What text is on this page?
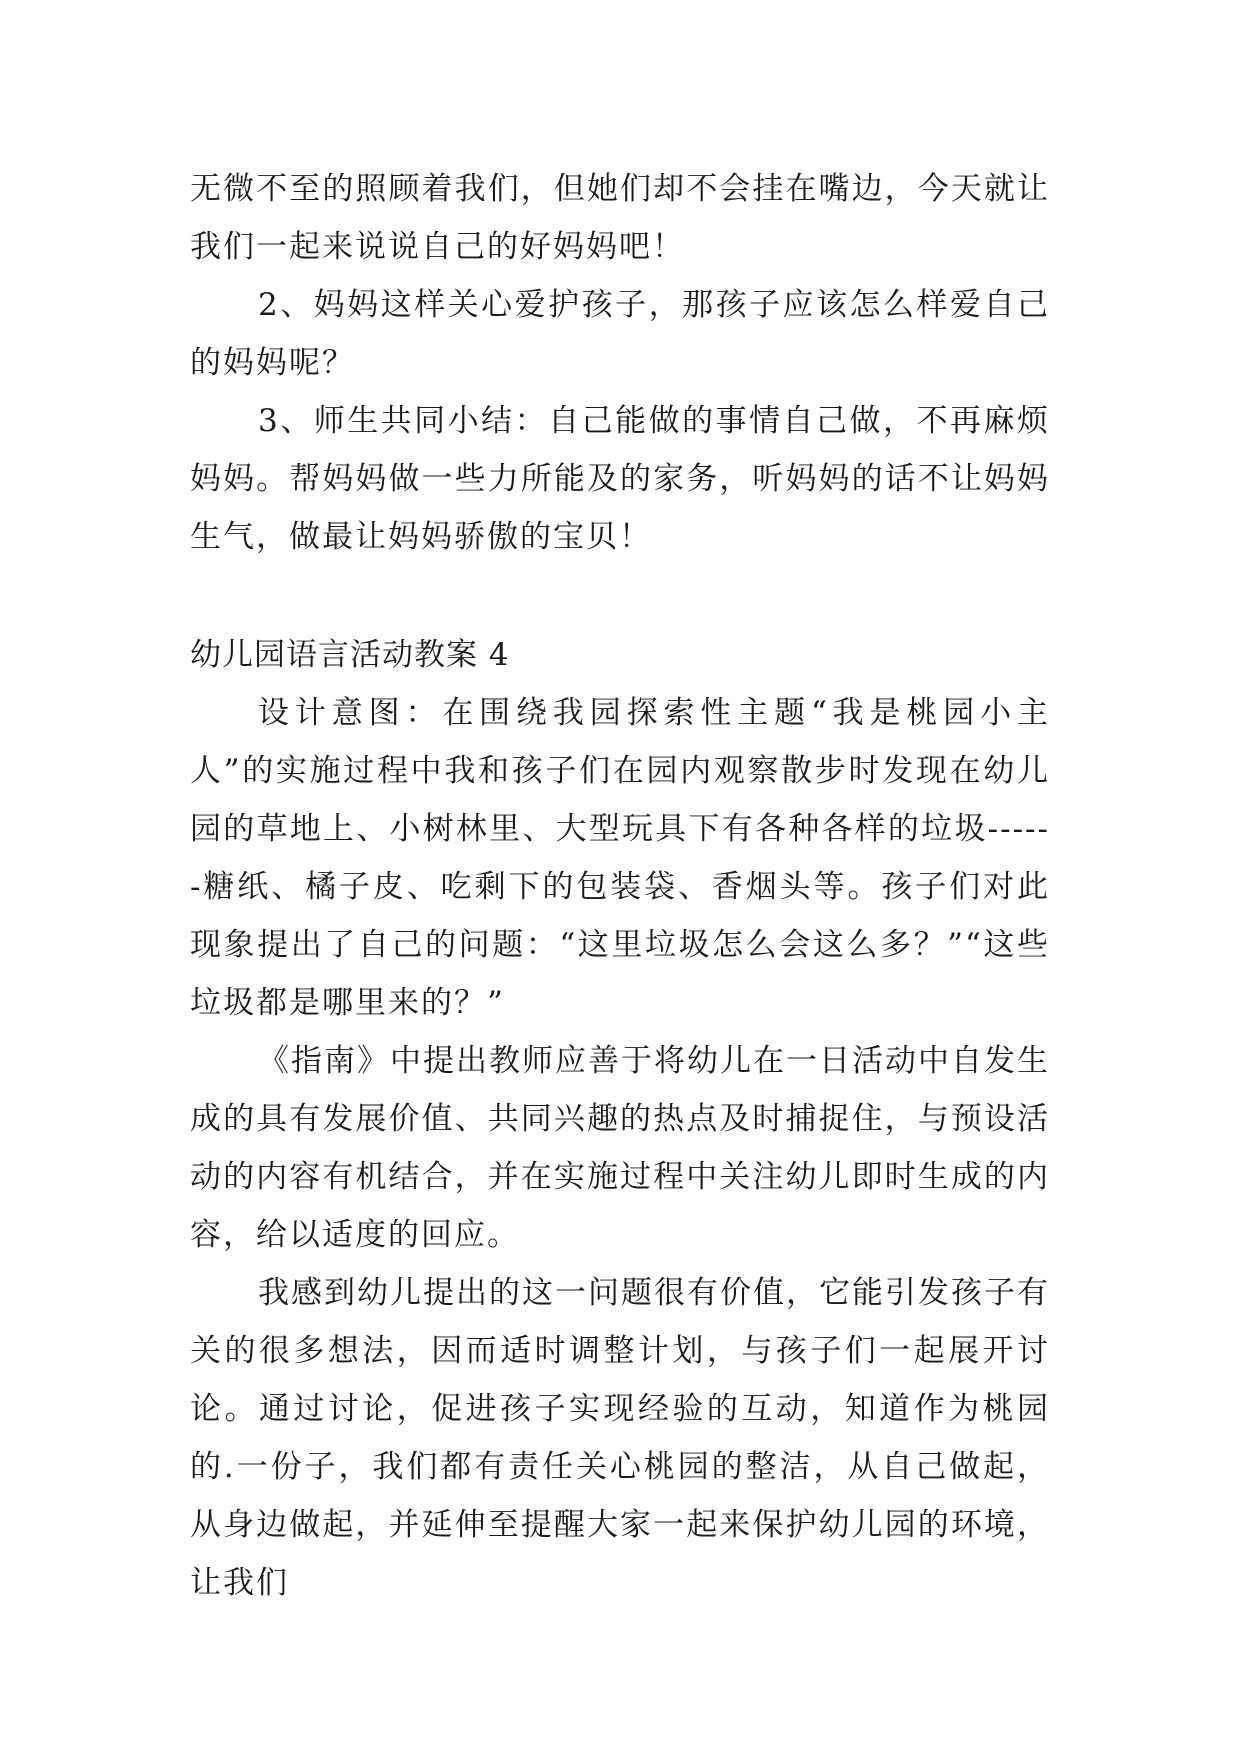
无微不至的照顾着我们，但她们却不会挂在嘴边，今天就让我们一起来说说自己的好妈妈吧！

2、妈妈这样关心爱护孩子，那孩子应该怎么样爱自己的妈妈呢？

3、师生共同小结：自己能做的事情自己做，不再麻烦妈妈。帮妈妈做一些力所能及的家务，听妈妈的话不让妈妈生气，做最让妈妈骄傲的宝贝！

幼儿园语言活动教案 4

设计意图：在围绕我园探索性主题“我是桃园小主人”的实施过程中我和孩子们在园内观察散步时发现在幼儿园的草地上、小树林里、大型玩具下有各种各样的垃圾------糖纸、橘子皮、吃剩下的包装袋、香烟头等。孩子们对此现象提出了自己的问题：“这里垃圾怎么会这么多？”“这些垃圾都是哪里来的？”

《指南》中提出教师应善于将幼儿在一日活动中自发生成的具有发展价值、共同兴趣的热点及时捕捉住，与预设活动的内容有机结合，并在实施过程中关注幼儿即时生成的内容，给以适度的回应。

我感到幼儿提出的这一问题很有价值，它能引发孩子有关的很多想法，因而适时调整计划，与孩子们一起展开讨论。通过讨论，促进孩子实现经验的互动，知道作为桃园的.一份子，我们都有责任关心桃园的整洁，从自己做起，从身边做起，并延伸至提醒大家一起来保护幼儿园的环境，让我们
